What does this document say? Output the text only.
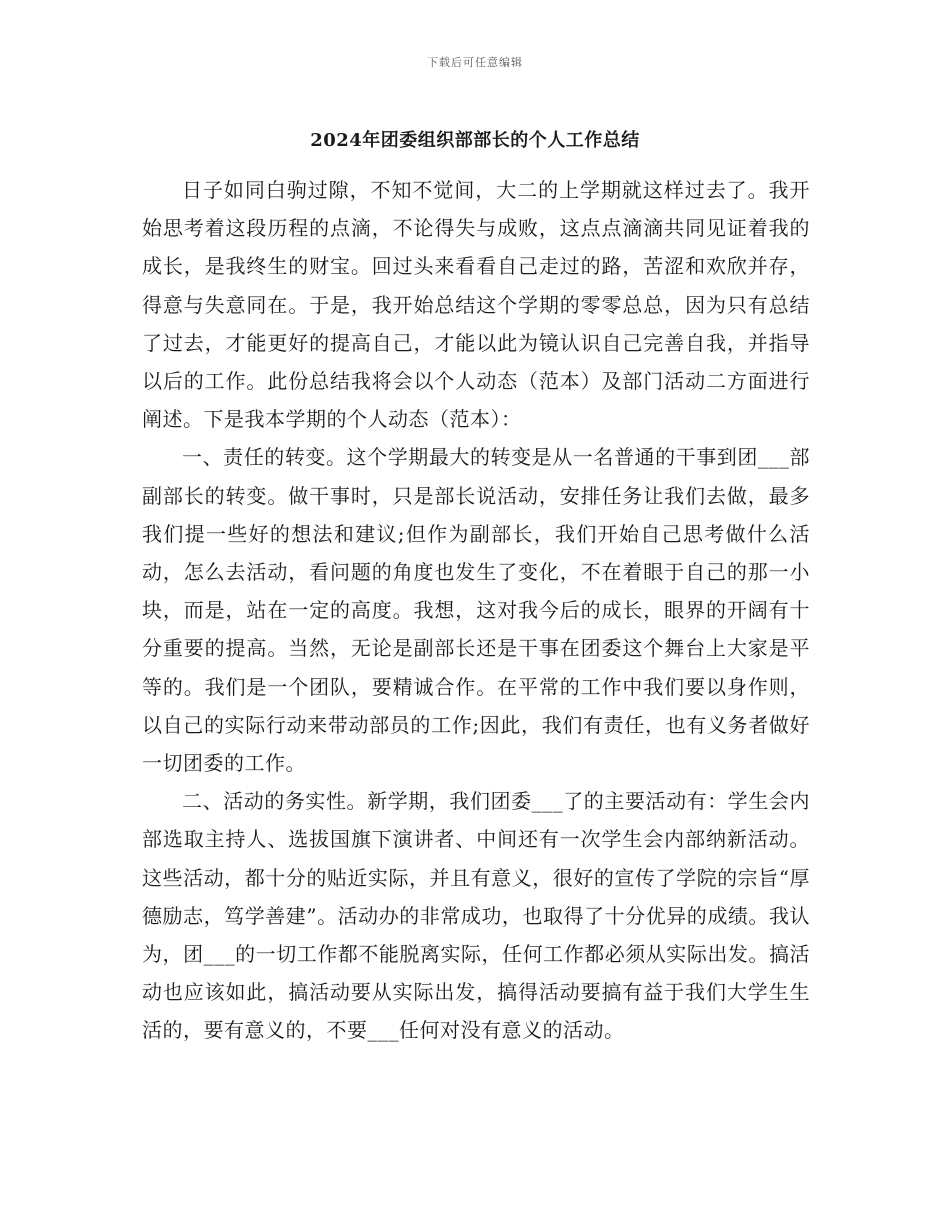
下载后可任意编辑
2024年团委组织部部长的个人工作总结

日子如同白驹过隙，不知不觉间，大二的上学期就这样过去了。我开始思考着这段历程的点滴，不论得失与成败，这点点滴滴共同见证着我的成长，是我终生的财宝。回过头来看看自己走过的路，苦涩和欢欣并存，得意与失意同在。于是，我开始总结这个学期的零零总总，因为只有总结了过去，才能更好的提高自己，才能以此为镜认识自己完善自我，并指导以后的工作。此份总结我将会以个人动态（范本）及部门活动二方面进行阐述。下是我本学期的个人动态（范本）：

一、责任的转变。这个学期最大的转变是从一名普通的干事到团___部副部长的转变。做干事时，只是部长说活动，安排任务让我们去做，最多我们提一些好的想法和建议;但作为副部长，我们开始自己思考做什么活动，怎么去活动，看问题的角度也发生了变化，不在着眼于自己的那一小块，而是，站在一定的高度。我想，这对我今后的成长，眼界的开阔有十分重要的提高。当然，无论是副部长还是干事在团委这个舞台上大家是平等的。我们是一个团队，要精诚合作。在平常的工作中我们要以身作则，以自己的实际行动来带动部员的工作;因此，我们有责任，也有义务者做好一切团委的工作。

二、活动的务实性。新学期，我们团委___了的主要活动有：学生会内部选取主持人、选拔国旗下演讲者、中间还有一次学生会内部纳新活动。这些活动，都十分的贴近实际，并且有意义，很好的宣传了学院的宗旨“厚德励志，笃学善建”。活动办的非常成功，也取得了十分优异的成绩。我认为，团___的一切工作都不能脱离实际，任何工作都必须从实际出发。搞活动也应该如此，搞活动要从实际出发，搞得活动要搞有益于我们大学生生活的，要有意义的，不要___任何对没有意义的活动。
